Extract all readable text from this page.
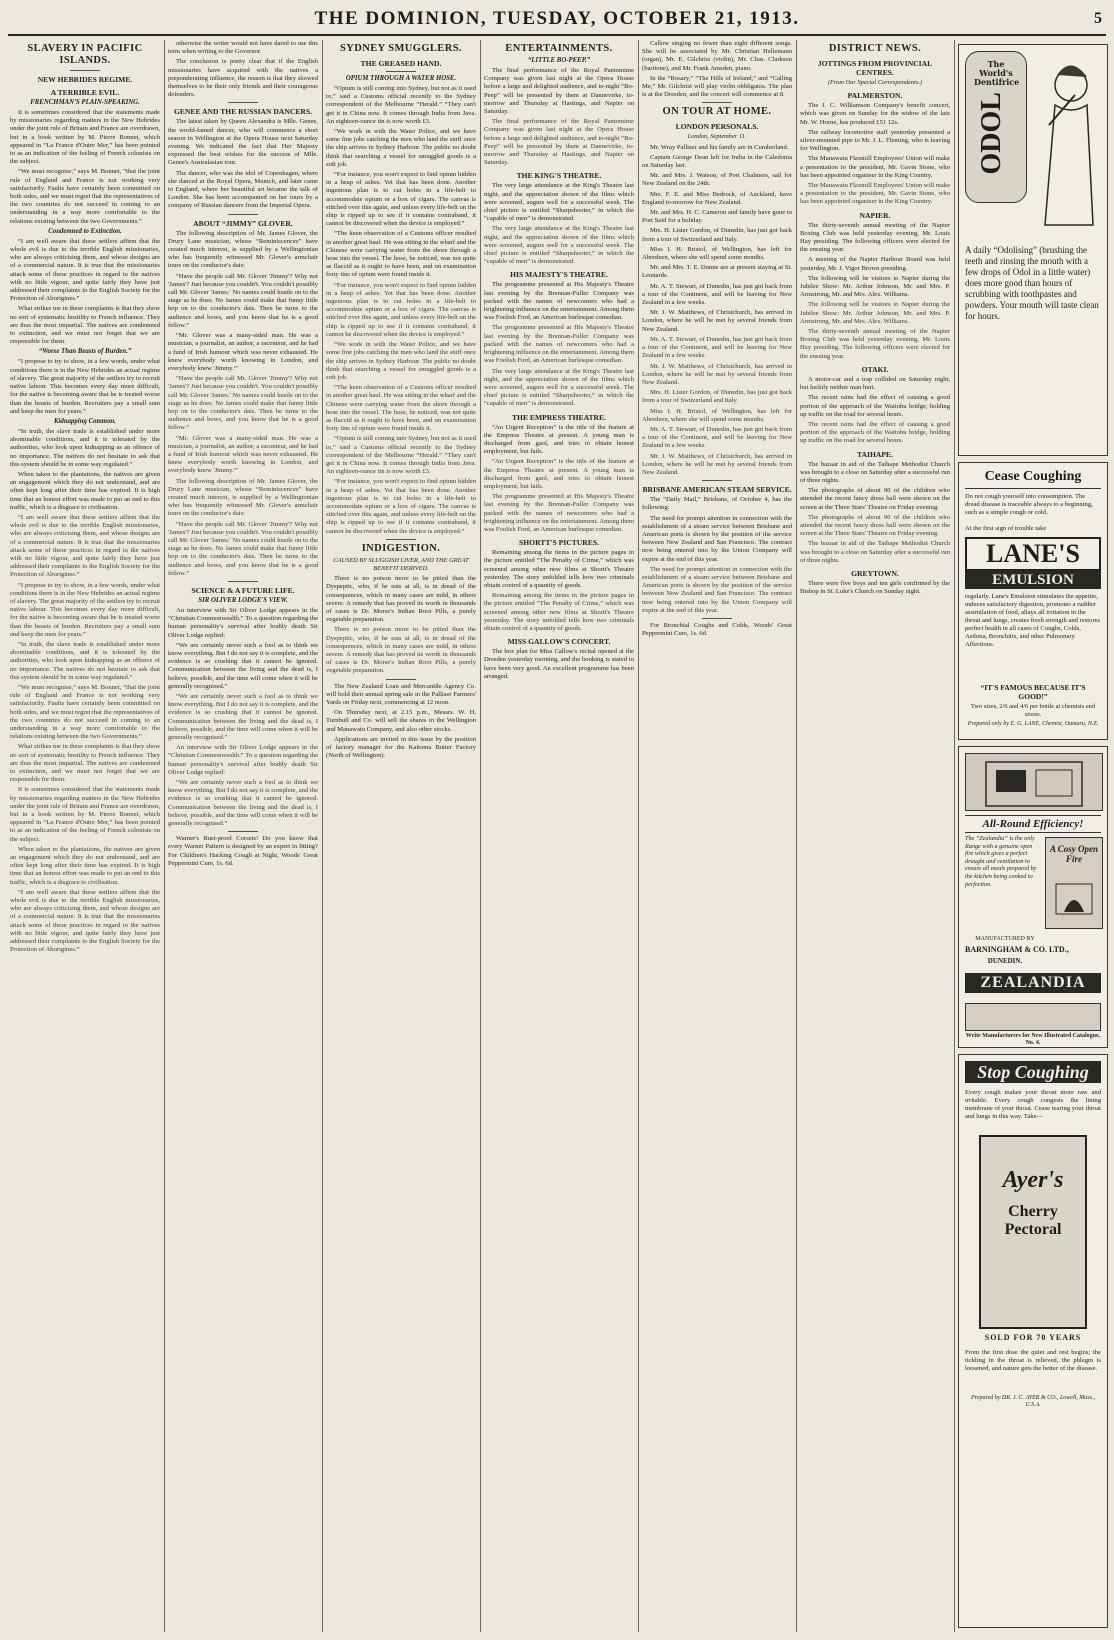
THE DOMINION, TUESDAY, OCTOBER 21, 1913.	5
SLAVERY IN PACIFIC ISLANDS.
NEW HEBRIDES REGIME.
A TERRIBLE EVIL.
FRENCHMAN'S PLAIN-SPEAKING.

It is sometimes considered that the statements made by missionaries regarding matters in the New Hebrides under the joint rule of Britain and France are overdrawn, but in a book written by M. Pierre Bonnet, which appeared in “La France d'Outre Mer,” has been pointed to as an indication of the feeling of French colonists on the subject.

“We must recognise,” says M. Bonnet, “that the joint rule of England and France is not working very satisfactorily. Faults have certainly been committed on both sides, and we must regret that the representatives of the two countries do not succeed in coming to an understanding in a way more comfortable to the relations existing between the two Governments.”

Condemned to Extinction.

“I am well aware that these settlers affirm that the whole evil is due to the terrible English missionaries, who are always criticising them, and whose designs are of a commercial nature. It is true that the missionaries attack some of these practices in regard to the natives with no little vigour, and quite fairly they have just addressed their complaints to the English Society for the Protection of Aborigines.”

What strikes me in these complaints is that they show no sort of systematic hostility to French influence. They are thus the most impartial. The natives are condemned to extinction, and we must not forget that we are responsible for them.

“Worse Than Beasts of Burden.”

“I propose to try to show, in a few words, under what conditions there is in the New Hebrides an actual regime of slavery. The great majority of the settlers try to recruit native labour. This becomes every day more difficult, for the native is becoming aware that he is treated worse than the beasts of burden. Recruiters pay a small sum and keep the men for years.”

Kidnapping Common.

“In truth, the slave trade is established under more abominable conditions, and it is tolerated by the authorities, who look upon kidnapping as an offence of no importance. The natives do not hesitate to ask that this system should be in some way regulated.”

When taken to the plantations, the natives are given an engagement which they do not understand, and are often kept long after their time has expired. It is high time that an honest effort was made to put an end to this traffic, which is a disgrace to civilisation.

“I am well aware that these settlers affirm that the whole evil is due to the terrible English missionaries, who are always criticising them, and whose designs are of a commercial nature. It is true that the missionaries attack some of these practices in regard to the natives with no little vigour, and quite fairly they have just addressed their complaints to the English Society for the Protection of Aborigines.”

“I propose to try to show, in a few words, under what conditions there is in the New Hebrides an actual regime of slavery. The great majority of the settlers try to recruit native labour. This becomes every day more difficult, for the native is becoming aware that he is treated worse than the beasts of burden. Recruiters pay a small sum and keep the men for years.”

“In truth, the slave trade is established under more abominable conditions, and it is tolerated by the authorities, who look upon kidnapping as an offence of no importance. The natives do not hesitate to ask that this system should be in some way regulated.”

“We must recognise,” says M. Bonnet, “that the joint rule of England and France is not working very satisfactorily. Faults have certainly been committed on both sides, and we must regret that the representatives of the two countries do not succeed in coming to an understanding in a way more comfortable to the relations existing between the two Governments.”

What strikes me in these complaints is that they show no sort of systematic hostility to French influence. They are thus the most impartial. The natives are condemned to extinction, and we must not forget that we are responsible for them.

It is sometimes considered that the statements made by missionaries regarding matters in the New Hebrides under the joint rule of Britain and France are overdrawn, but in a book written by M. Pierre Bonnet, which appeared in “La France d'Outre Mer,” has been pointed to as an indication of the feeling of French colonists on the subject.

When taken to the plantations, the natives are given an engagement which they do not understand, and are often kept long after their time has expired. It is high time that an honest effort was made to put an end to this traffic, which is a disgrace to civilisation.

“I am well aware that these settlers affirm that the whole evil is due to the terrible English missionaries, who are always criticising them, and whose designs are of a commercial nature. It is true that the missionaries attack some of these practices in regard to the natives with no little vigour, and quite fairly they have just addressed their complaints to the English Society for the Protection of Aborigines.”

otherwise the writer would not have dared to use this term when writing to the Governor.

The conclusion is pretty clear that if the English missionaries have acquired with the natives a preponderating influence, the reason is that they showed themselves to be their only friends and their courageous defenders.

GENEE AND THE RUSSIAN DANCERS.

The latest taken by Queen Alexandra is Mlle. Genee, the world-famed dancer, who will commence a short season in Wellington at the Opera House next Saturday evening. We indicated the fact that Her Majesty expressed the best wishes for the success of Mlle. Genee's Australasian tour.

The dancer, who was the idol of Copenhagen, where she danced at the Royal Opera, Munich, and later came to England, where her beautiful art became the talk of London. She has been accompanied on her tours by a company of Russian dancers from the Imperial Opera.

ABOUT “JIMMY” GLOVER.

The following description of Mr. James Glover, the Drury Lane musician, whose “Reminiscences” have created much interest, is supplied by a Wellingtonian who has frequently witnessed Mr. Glover's armchair tours on the conductor's dais:

“Have the people call Mr. Glover 'Jimmy'? Why not 'James'? Just because you couldn't. You couldn't possibly call Mr. Glover 'James.' No names could hustle on to the stage as he does. No James could make that funny little hop on to the conductor's dais. Then he turns to the audience and bows, and you know that he is a good fellow.”

“Mr. Glover was a many-sided man. He was a musician, a journalist, an author, a raconteur, and he had a fund of Irish humour which was never exhausted. He knew everybody worth knowing in London, and everybody knew 'Jimmy.'”

“Have the people call Mr. Glover 'Jimmy'? Why not 'James'? Just because you couldn't. You couldn't possibly call Mr. Glover 'James.' No names could hustle on to the stage as he does. No James could make that funny little hop on to the conductor's dais. Then he turns to the audience and bows, and you know that he is a good fellow.”

“Mr. Glover was a many-sided man. He was a musician, a journalist, an author, a raconteur, and he had a fund of Irish humour which was never exhausted. He knew everybody worth knowing in London, and everybody knew 'Jimmy.'”

The following description of Mr. James Glover, the Drury Lane musician, whose “Reminiscences” have created much interest, is supplied by a Wellingtonian who has frequently witnessed Mr. Glover's armchair tours on the conductor's dais:

“Have the people call Mr. Glover 'Jimmy'? Why not 'James'? Just because you couldn't. You couldn't possibly call Mr. Glover 'James.' No names could hustle on to the stage as he does. No James could make that funny little hop on to the conductor's dais. Then he turns to the audience and bows, and you know that he is a good fellow.”

SCIENCE & A FUTURE LIFE.
SIR OLIVER LODGE'S VIEW.

An interview with Sir Oliver Lodge appears in the “Christian Commonwealth.” To a question regarding the human personality's survival after bodily death Sir Oliver Lodge replied:

“We are certainly never such a fool as to think we know everything. But I do not say it is complete, and the evidence is so crushing that it cannot be ignored. Communication between the living and the dead is, I believe, possible, and the time will come when it will be generally recognised.”

“We are certainly never such a fool as to think we know everything. But I do not say it is complete, and the evidence is so crushing that it cannot be ignored. Communication between the living and the dead is, I believe, possible, and the time will come when it will be generally recognised.”

An interview with Sir Oliver Lodge appears in the “Christian Commonwealth.” To a question regarding the human personality's survival after bodily death Sir Oliver Lodge replied:

“We are certainly never such a fool as to think we know everything. But I do not say it is complete, and the evidence is so crushing that it cannot be ignored. Communication between the living and the dead is, I believe, possible, and the time will come when it will be generally recognised.”

Warner's Rust-proof Corsets! Do you know that every Warner Pattern is designed by an expert in fitting? For Children's Hacking Cough at Night, Woods' Great Peppermint Cure, 1s. 6d.

SYDNEY SMUGGLERS.
THE GREASED HAND.
OPIUM THROUGH A WATER HOSE.

“Opium is still coming into Sydney, but not as it used to,” said a Customs official recently to the Sydney correspondent of the Melbourne “Herald.” “They can't get it in China now. It comes through India from Java. An eighteen-ounce tin is now worth £3.

“We work in with the Water Police, and we have some fine jobs catching the men who land the stuff once the ship arrives in Sydney Harbour. The public no doubt think that searching a vessel for smuggled goods is a soft job.

“For instance, you won't expect to find opium hidden in a heap of ashes. Yet that has been done. Another ingenious plan is to cut holes in a life-belt to accommodate opium or a box of cigars. The canvas is stitched over this again, and unless every life-belt on the ship is ripped up to see if it contains contraband, it cannot be discovered when the device is employed.”

“The keen observation of a Customs officer resulted in another great haul. He was sitting in the wharf and the Chinese were carrying water from the shore through a hose into the vessel. The hose, he noticed, was not quite as flaccid as it ought to have been, and on examination forty tins of opium were found inside it.

“For instance, you won't expect to find opium hidden in a heap of ashes. Yet that has been done. Another ingenious plan is to cut holes in a life-belt to accommodate opium or a box of cigars. The canvas is stitched over this again, and unless every life-belt on the ship is ripped up to see if it contains contraband, it cannot be discovered when the device is employed.”

“We work in with the Water Police, and we have some fine jobs catching the men who land the stuff once the ship arrives in Sydney Harbour. The public no doubt think that searching a vessel for smuggled goods is a soft job.

“The keen observation of a Customs officer resulted in another great haul. He was sitting in the wharf and the Chinese were carrying water from the shore through a hose into the vessel. The hose, he noticed, was not quite as flaccid as it ought to have been, and on examination forty tins of opium were found inside it.

“Opium is still coming into Sydney, but not as it used to,” said a Customs official recently to the Sydney correspondent of the Melbourne “Herald.” “They can't get it in China now. It comes through India from Java. An eighteen-ounce tin is now worth £3.

“For instance, you won't expect to find opium hidden in a heap of ashes. Yet that has been done. Another ingenious plan is to cut holes in a life-belt to accommodate opium or a box of cigars. The canvas is stitched over this again, and unless every life-belt on the ship is ripped up to see if it contains contraband, it cannot be discovered when the device is employed.”

INDIGESTION.
CAUSED BY SLUGGISH LIVER, AND THE GREAT BENEFIT DERIVED.

There is no poison more to be pitied than the Dyspeptic, who, if he eats at all, is in dread of the consequences, which in many cases are mild, in others severe. A remedy that has proved its worth in thousands of cases is Dr. Morse's Indian Root Pills, a purely vegetable preparation.

There is no poison more to be pitied than the Dyspeptic, who, if he eats at all, is in dread of the consequences, which in many cases are mild, in others severe. A remedy that has proved its worth in thousands of cases is Dr. Morse's Indian Root Pills, a purely vegetable preparation.

The New Zealand Loan and Mercantile Agency Co. will hold their annual spring sale in the Palliser Farmers' Yards on Friday next, commencing at 12 noon.

On Thursday next, at 2.15 p.m., Messrs. W. H. Turnbull and Co. will sell the shares in the Wellington and Manawatu Company, and also other stocks.

Applications are invited in this issue by the position of factory manager for the Kaitoma Butter Factory (North of Wellington).

ENTERTAINMENTS.
“LITTLE BO-PEEP.”

The final performance of the Royal Pantomime Company was given last night at the Opera House before a large and delighted audience, and to-night “Bo-Peep” will be presented by them at Dannevirke, to-morrow and Thursday at Hastings, and Napier on Saturday.

The final performance of the Royal Pantomime Company was given last night at the Opera House before a large and delighted audience, and to-night “Bo-Peep” will be presented by them at Dannevirke, to-morrow and Thursday at Hastings, and Napier on Saturday.

THE KING'S THEATRE.

The very large attendance at the King's Theatre last night, and the appreciation shown of the films which were screened, augurs well for a successful week. The chief picture is entitled “Sharpshooter,” in which the “capable of men” is demonstrated.

The very large attendance at the King's Theatre last night, and the appreciation shown of the films which were screened, augurs well for a successful week. The chief picture is entitled “Sharpshooter,” in which the “capable of men” is demonstrated.

HIS MAJESTY'S THEATRE.

The programme presented at His Majesty's Theatre last evening by the Brennan-Fuller Company was packed with the names of newcomers who had a brightening influence on the entertainment. Among them was Foolish Ford, an American burlesque comedian.

The programme presented at His Majesty's Theatre last evening by the Brennan-Fuller Company was packed with the names of newcomers who had a brightening influence on the entertainment. Among them was Foolish Ford, an American burlesque comedian.

The very large attendance at the King's Theatre last night, and the appreciation shown of the films which were screened, augurs well for a successful week. The chief picture is entitled “Sharpshooter,” in which the “capable of men” is demonstrated.

THE EMPRESS THEATRE.

“An Urgent Reception” is the title of the feature at the Empress Theatre at present. A young man is discharged from gaol, and tries to obtain honest employment, but fails.

“An Urgent Reception” is the title of the feature at the Empress Theatre at present. A young man is discharged from gaol, and tries to obtain honest employment, but fails.

The programme presented at His Majesty's Theatre last evening by the Brennan-Fuller Company was packed with the names of newcomers who had a brightening influence on the entertainment. Among them was Foolish Ford, an American burlesque comedian.

SHORTT'S PICTURES.

Remaining among the items in the picture pages in the picture entitled “The Penalty of Crime,” which was screened among other new films at Shortt's Theatre yesterday. The story unfolded tells how two criminals obtain control of a quantity of goods.

Remaining among the items in the picture pages in the picture entitled “The Penalty of Crime,” which was screened among other new films at Shortt's Theatre yesterday. The story unfolded tells how two criminals obtain control of a quantity of goods.

MISS GALLOW'S CONCERT.

The box plan for Miss Callow's recital opened at the Dresden yesterday morning, and the booking is stated to have been very good. An excellent programme has been arranged.

Callow singing no fewer than eight different songs. She will be associated by Mr. Christian Hellemann (organ), Mr. E. Gilchrist (violin), Mr. Chas. Clarkson (baritone), and Mr. Frank Amsden, piano.

In the “Rosary,” “The Hills of Ireland,” and “Calling Me,” Mr. Gilchrist will play violin obbligatos. The plan is at the Dresden, and the concert will commence at 8.

ON TOUR AT HOME.
LONDON PERSONALS.
London, September 11.

Mr. Wray Palliser and his family are in Cumberland.

Captain George Dean left for India in the Caledonia on Saturday last.

Mr. and Mrs. J. Watson, of Port Chalmers, sail for New Zealand on the 24th.

Mrs. F. E. and Miss Bedrock, of Auckland, have England to-morrow for New Zealand.

Mr. and Mrs. H. C. Cameron and family have gone to Port Said for a holiday.

Mrs. H. Lister Gordon, of Dunedin, has just got back from a tour of Switzerland and Italy.

Miss I. H. Bristol, of Wellington, has left for Aberdeen, where she will spend some months.

Mr. and Mrs. T. E. Dunne are at present staying at St. Leonards.

Mr. A. T. Stewart, of Dunedin, has just got back from a tour of the Continent, and will be leaving for New Zealand in a few weeks.

Mr. J. W. Matthews, of Christchurch, has arrived in London, where he will be met by several friends from New Zealand.

Mr. A. T. Stewart, of Dunedin, has just got back from a tour of the Continent, and will be leaving for New Zealand in a few weeks.

Mr. J. W. Matthews, of Christchurch, has arrived in London, where he will be met by several friends from New Zealand.

Mrs. H. Lister Gordon, of Dunedin, has just got back from a tour of Switzerland and Italy.

Miss I. H. Bristol, of Wellington, has left for Aberdeen, where she will spend some months.

Mr. A. T. Stewart, of Dunedin, has just got back from a tour of the Continent, and will be leaving for New Zealand in a few weeks.

Mr. J. W. Matthews, of Christchurch, has arrived in London, where he will be met by several friends from New Zealand.

BRISBANE AMERICAN STEAM SERVICE.

The “Daily Mail,” Brisbane, of October 4, has the following:

The need for prompt attention in connection with the establishment of a steam service between Brisbane and American ports is shown by the position of the service between New Zealand and San Francisco. The contract now being entered into by the Union Company will expire at the end of this year.

The need for prompt attention in connection with the establishment of a steam service between Brisbane and American ports is shown by the position of the service between New Zealand and San Francisco. The contract now being entered into by the Union Company will expire at the end of this year.

For Bronchial Coughs and Colds, Woods' Great Peppermint Cure, 1s. 6d.

DISTRICT NEWS.
JOTTINGS FROM PROVINCIAL CENTRES.
(From Our Special Correspondents.)
PALMERSTON.

The J. C. Williamson Company's benefit concert, which was given on Sunday for the widow of the late Mr. W. Horne, has produced £51 12s.

The railway locomotive staff yesterday presented a silver-mounted pipe to Mr. J. L. Fleming, who is leaving for Wellington.

The Manawatu Flaxmill Employees' Union will make a presentation to the president, Mr. Gavin Stone, who has been appointed organiser in the King Country.

The Manawatu Flaxmill Employees' Union will make a presentation to the president, Mr. Gavin Stone, who has been appointed organiser in the King Country.

NAPIER.

The thirty-seventh annual meeting of the Napier Boxing Club was held yesterday evening, Mr. Louis Hay presiding. The following officers were elected for the ensuing year.

A meeting of the Napier Harbour Board was held yesterday, Mr. J. Vigor Brown presiding.

The following will be visitors to Napier during the Jubilee Show: Mr. Arthur Johnson, Mr. and Mrs. P. Armstrong, Mr. and Mrs. Alex. Williams.

The following will be visitors to Napier during the Jubilee Show: Mr. Arthur Johnson, Mr. and Mrs. P. Armstrong, Mr. and Mrs. Alex. Williams.

The thirty-seventh annual meeting of the Napier Boxing Club was held yesterday evening, Mr. Louis Hay presiding. The following officers were elected for the ensuing year.

OTAKI.

A motor-car and a trap collided on Saturday night, but luckily neither man hurt.

The recent rains had the effect of causing a good portion of the approach of the Waitohu bridge, holding up traffic on the road for several hours.

The recent rains had the effect of causing a good portion of the approach of the Waitohu bridge, holding up traffic on the road for several hours.

TAIHAPE.

The bazaar in aid of the Taihape Methodist Church was brought to a close on Saturday after a successful run of three nights.

The photographs of about 90 of the children who attended the recent fancy dress ball were shown on the screen at the Three Stars' Theatre on Friday evening.

The photographs of about 90 of the children who attended the recent fancy dress ball were shown on the screen at the Three Stars' Theatre on Friday evening.

The bazaar in aid of the Taihape Methodist Church was brought to a close on Saturday after a successful run of three nights.

GREYTOWN.

There were five boys and ten girls confirmed by the Bishop in St. Luke's Church on Sunday night.

The World's
Dentifrice
ODOL
A daily “Odolising” (brushing the teeth and rinsing the mouth with a few drops of Odol in a little water) does more good than hours of scrubbing with toothpastes and powders. Your mouth will taste clean for hours.
Cease Coughing
Do not cough yourself into consumption. The dread disease is traceable always to a beginning, such as a simple cough or cold.
At the first sign of trouble take
LANE'S
EMULSION
regularly. Lane's Emulsion stimulates the appetite, induces satisfactory digestion, promotes a ruddier assimilation of food, allays all irritation in the throat and lungs, creates fresh strength and restores perfect health in all cases of Coughs, Colds, Asthma, Bronchitis, and other Pulmonary Affections.
“IT'S FAMOUS BECAUSE IT'S GOOD!”
Two sizes, 2/6 and 4/6 per bottle at chemists and stores.
Prepared only by E. G. LANE, Chemist, Oamaru, N.Z.
All-Round Efficiency!
The “Zealandia” is the only Range with a genuine open fire which gives a perfect draught and ventilation to ensure all meals prepared by the kitchen being cooked to perfection.
A Cosy Open Fire
MANUFACTURED BY
BARNINGHAM & CO. LTD.,
DUNEDIN.
ZEALANDIA
Write Manufacturers for New Illustrated Catalogue, No. 4.
Stop Coughing
Every cough makes your throat more raw and irritable. Every cough congests the lining membrane of your throat. Cease tearing your throat and lungs in this way. Take—
Ayer's
Cherry Pectoral
SOLD FOR 70 YEARS
From the first dose the quiet and rest begins; the tickling in the throat is relieved, the phlegm is loosened, and nature gets the better of the disease.
Prepared by DR. J. C. AYER & CO., Lowell, Mass., U.S.A.
